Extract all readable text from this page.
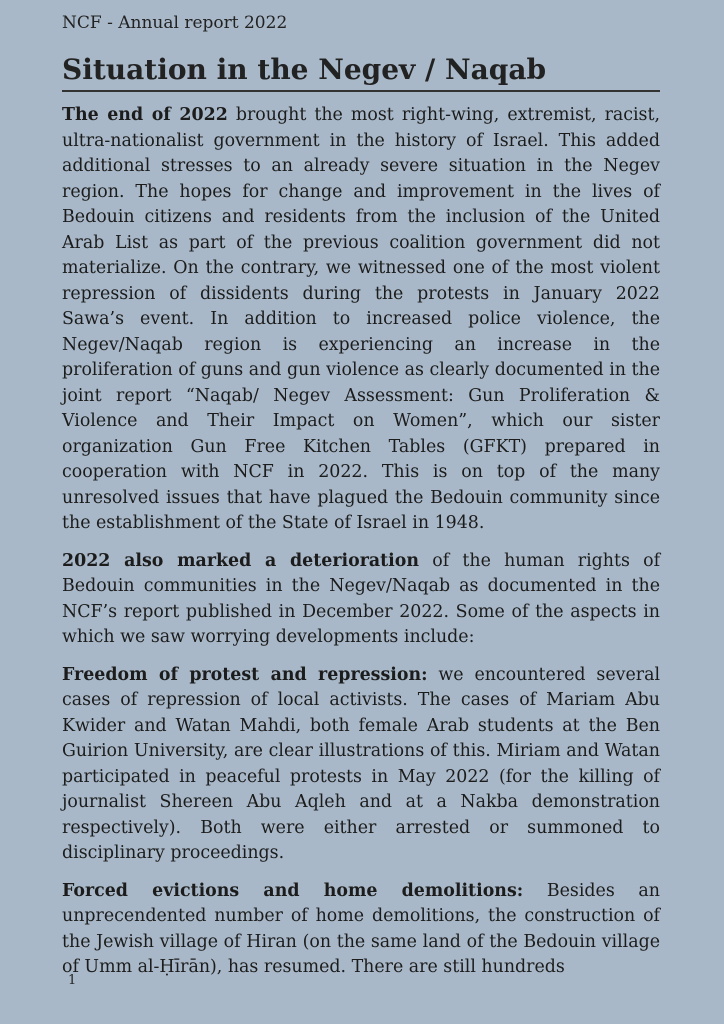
NCF - Annual report 2022
Situation in the Negev / Naqab

The end of 2022 brought the most right-wing, extremist, racist, ultra-nationalist government in the history of Israel. This added additional stresses to an already severe situation in the Negev region. The hopes for change and improvement in the lives of Bedouin citizens and residents from the inclusion of the United Arab List as part of the previous coalition government did not materialize. On the contrary, we witnessed one of the most violent repression of dissidents during the protests in January 2022 Sawa’s event. In addition to increased police violence, the Negev/Naqab region is experiencing an increase in the proliferation of guns and gun violence as clearly documented in the joint report “Naqab/ Negev Assessment: Gun Proliferation & Violence and Their Impact on Women”, which our sister organization Gun Free Kitchen Tables (GFKT) prepared in cooperation with NCF in 2022. This is on top of the many unresolved issues that have plagued the Bedouin community since the establishment of the State of Israel in 1948.

2022 also marked a deterioration of the human rights of Bedouin communities in the Negev/Naqab as documented in the NCF’s report published in December 2022. Some of the aspects in which we saw worrying developments include:

Freedom of protest and repression: we encountered several cases of repression of local activists. The cases of Mariam Abu Kwider and Watan Mahdi, both female Arab students at the Ben Guirion University, are clear illustrations of this. Miriam and Watan participated in peaceful protests in May 2022 (for the killing of journalist Shereen Abu Aqleh and at a Nakba demonstration respectively). Both were either arrested or summoned to disciplinary proceedings.

Forced evictions and home demolitions: Besides an unprecendented number of home demolitions, the construction of the Jewish village of Hiran (on the same land of the Bedouin village of Umm al-Ḥīrān), has resumed. There are still hundreds

1
